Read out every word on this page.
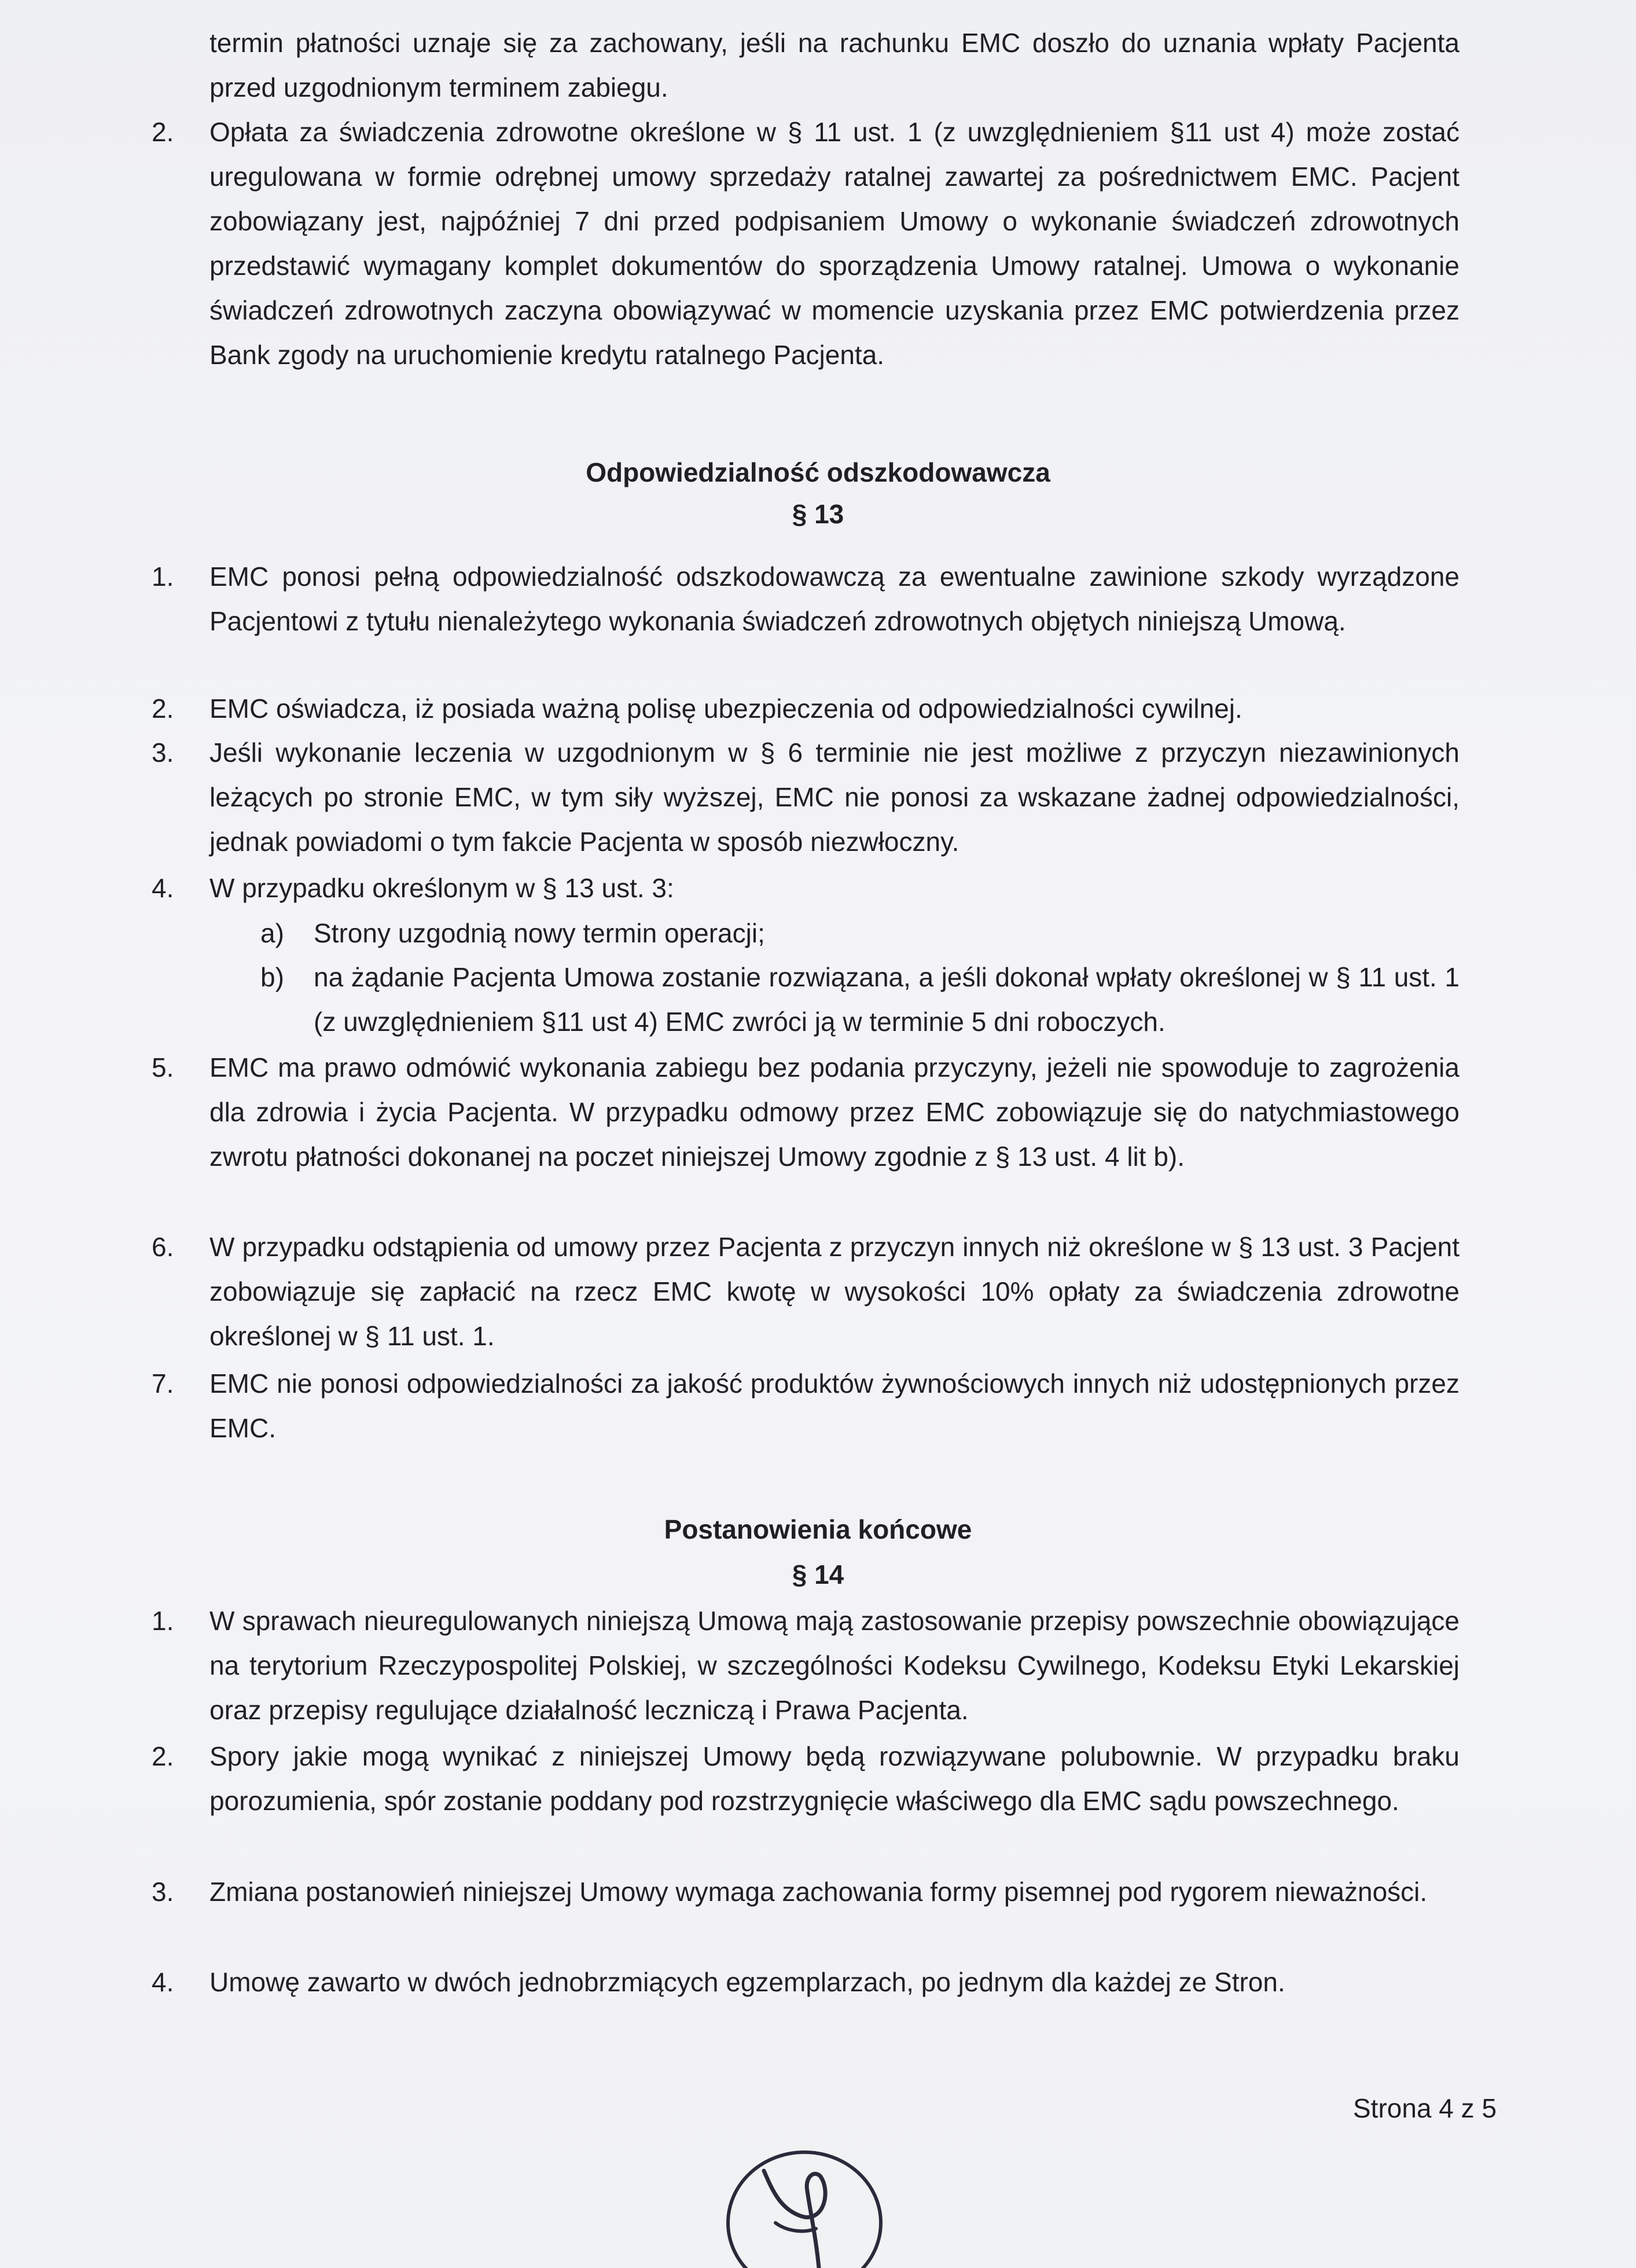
termin płatności uznaje się za zachowany, jeśli na rachunku EMC doszło do uznania wpłaty Pacjenta przed uzgodnionym terminem zabiegu.
2.	Opłata za świadczenia zdrowotne określone w § 11 ust. 1 (z uwzględnieniem §11 ust 4) może zostać uregulowana w formie odrębnej umowy sprzedaży ratalnej zawartej za pośrednictwem EMC. Pacjent zobowiązany jest, najpóźniej 7 dni przed podpisaniem Umowy o wykonanie świadczeń zdrowotnych przedstawić wymagany komplet dokumentów do sporządzenia Umowy ratalnej. Umowa o wykonanie świadczeń zdrowotnych zaczyna obowiązywać w momencie uzyskania przez EMC potwierdzenia przez Bank zgody na uruchomienie kredytu ratalnego Pacjenta.
Odpowiedzialność odszkodowawcza
§ 13
1.	EMC ponosi pełną odpowiedzialność odszkodowawczą za ewentualne zawinione szkody wyrządzone Pacjentowi z tytułu nienależytego wykonania świadczeń zdrowotnych objętych niniejszą Umową.
2.	EMC oświadcza, iż posiada ważną polisę ubezpieczenia od odpowiedzialności cywilnej.
3.	Jeśli wykonanie leczenia w uzgodnionym w § 6 terminie nie jest możliwe z przyczyn niezawinionych leżących po stronie EMC, w tym siły wyższej, EMC nie ponosi za wskazane żadnej odpowiedzialności, jednak powiadomi o tym fakcie Pacjenta w sposób niezwłoczny.
4.	W przypadku określonym w § 13 ust. 3:
a)	Strony uzgodnią nowy termin operacji;
b)	na żądanie Pacjenta Umowa zostanie rozwiązana, a jeśli dokonał wpłaty określonej w § 11 ust. 1 (z uwzględnieniem §11 ust 4) EMC zwróci ją w terminie 5 dni roboczych.
5.	EMC ma prawo odmówić wykonania zabiegu bez podania przyczyny, jeżeli nie spowoduje to zagrożenia dla zdrowia i życia Pacjenta. W przypadku odmowy przez EMC zobowiązuje się do natychmiastowego zwrotu płatności dokonanej na poczet niniejszej Umowy zgodnie z § 13 ust. 4 lit b).
6.	W przypadku odstąpienia od umowy przez Pacjenta z przyczyn innych niż określone w § 13 ust. 3 Pacjent zobowiązuje się zapłacić na rzecz EMC kwotę w wysokości 10% opłaty za świadczenia zdrowotne określonej w § 11 ust. 1.
7.	EMC nie ponosi odpowiedzialności za jakość produktów żywnościowych innych niż udostępnionych przez EMC.
Postanowienia końcowe
§ 14
1.	W sprawach nieuregulowanych niniejszą Umową mają zastosowanie przepisy powszechnie obowiązujące na terytorium Rzeczypospolitej Polskiej, w szczególności Kodeksu Cywilnego, Kodeksu Etyki Lekarskiej oraz przepisy regulujące działalność leczniczą i Prawa Pacjenta.
2.	Spory jakie mogą wynikać z niniejszej Umowy będą rozwiązywane polubownie. W przypadku braku porozumienia, spór zostanie poddany pod rozstrzygnięcie właściwego dla EMC sądu powszechnego.
3.	Zmiana postanowień niniejszej Umowy wymaga zachowania formy pisemnej pod rygorem nieważności.
4.	Umowę zawarto w dwóch jednobrzmiących egzemplarzach, po jednym dla każdej ze Stron.
Strona 4 z 5
